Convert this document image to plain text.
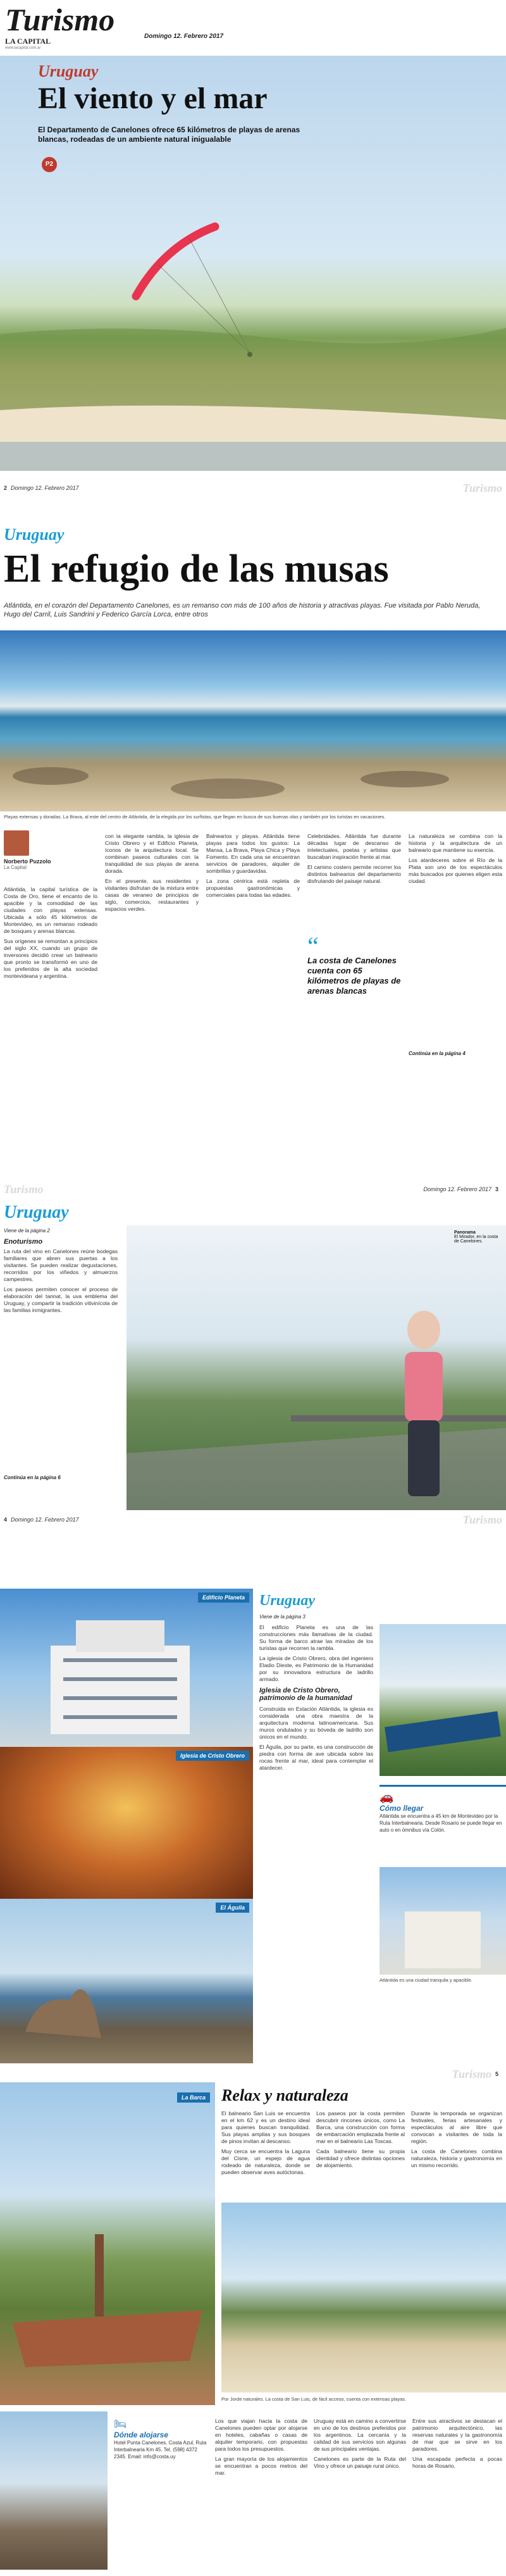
Turismo
LA CAPITAL
www.lacapital.com.ar
Domingo 12. Febrero 2017
Uruguay
El viento y el mar
El Departamento de Canelones ofrece 65 kilómetros de playas de arenas blancas, rodeadas de un ambiente natural inigualable
P2
2 Domingo 12. Febrero 2017	Turismo
Uruguay
El refugio de las musas
Atlántida, en el corazón del Departamento Canelones, es un remanso con más de 100 años de historia y atractivas playas. Fue visitada por Pablo Neruda, Hugo del Carril, Luis Sandrini y Federico García Lorca, entre otros
Playas extensas y doradas. La Brava, al este del centro de Atlántida, de la elegida por los surfistas, que llegan en busca de sus buenas olas y también por los turistas en vacaciones.
Norberto Puzzolo
La Capital

Atlántida, la capital turística de la Costa de Oro, tiene el encanto de lo apacible y la comodidad de las ciudades con playas extensas. Ubicada a sólo 45 kilómetros de Montevideo, es un remanso rodeado de bosques y arenas blancas.

Sus orígenes se remontan a principios del siglo XX, cuando un grupo de inversores decidió crear un balneario que pronto se transformó en uno de los preferidos de la alta sociedad montevideana y argentina.

con la elegante rambla, la iglesia de Cristo Obrero y el Edificio Planeta, íconos de la arquitectura local. Se combinan paseos culturales con la tranquilidad de sus playas de arena dorada.

En el presente, sus residentes y visitantes disfrutan de la mixtura entre casas de veraneo de principios de siglo, comercios, restaurantes y espacios verdes.

Balnearios y playas. Atlántida tiene playas para todos los gustos: La Mansa, La Brava, Playa Chica y Playa Fomento. En cada una se encuentran servicios de paradores, alquiler de sombrillas y guardavidas.

La zona céntrica está repleta de propuestas gastronómicas y comerciales para todas las edades.

Celebridades. Atlántida fue durante décadas lugar de descanso de intelectuales, poetas y artistas que buscaban inspiración frente al mar.

El camino costero permite recorrer los distintos balnearios del departamento disfrutando del paisaje natural.

“
La costa de Canelones cuenta con 65 kilómetros de playas de arenas blancas

La naturaleza se combina con la historia y la arquitectura de un balneario que mantiene su esencia.

Los atardeceres sobre el Río de la Plata son uno de los espectáculos más buscados por quienes eligen esta ciudad.

Continúa en la página 4
Turismo	Domingo 12. Febrero 2017 3
Uruguay
Viene de la página 2
Enoturismo

La ruta del vino en Canelones reúne bodegas familiares que abren sus puertas a los visitantes. Se pueden realizar degustaciones, recorridos por los viñedos y almuerzos campestres.

Los paseos permiten conocer el proceso de elaboración del tannat, la uva emblema del Uruguay, y compartir la tradición vitivinícola de las familias inmigrantes.

Continúa en la página 6
Panorama
El Mirador, en la costa de Canelones.
4 Domingo 12. Febrero 2017	Turismo
Edificio Planeta
Iglesia de Cristo Obrero
El Águila
Uruguay
Viene de la página 3

El edificio Planeta es una de las construcciones más llamativas de la ciudad. Su forma de barco atrae las miradas de los turistas que recorren la rambla.

La iglesia de Cristo Obrero, obra del ingeniero Eladio Dieste, es Patrimonio de la Humanidad por su innovadora estructura de ladrillo armado.

Iglesia de Cristo Obrero, patrimonio de la humanidad

Construida en Estación Atlántida, la iglesia es considerada una obra maestra de la arquitectura moderna latinoamericana. Sus muros ondulados y su bóveda de ladrillo son únicos en el mundo.

El Águila, por su parte, es una construcción de piedra con forma de ave ubicada sobre las rocas frente al mar, ideal para contemplar el atardecer.

🚗
Cómo llegar
Atlántida se encuentra a 45 km de Montevideo por la Ruta Interbalnearia. Desde Rosario se puede llegar en auto o en ómnibus vía Colón.
Atlántida es una ciudad tranquila y apacible.
Turismo 5
La Barca Relax y naturaleza

El balneario San Luis se encuentra en el km 62 y es un destino ideal para quienes buscan tranquilidad. Sus playas amplias y sus bosques de pinos invitan al descanso.

Muy cerca se encuentra la Laguna del Cisne, un espejo de agua rodeado de naturaleza, donde se pueden observar aves autóctonas.

Los paseos por la costa permiten descubrir rincones únicos, como La Barca, una construcción con forma de embarcación emplazada frente al mar en el balneario Las Toscas.

Cada balneario tiene su propia identidad y ofrece distintas opciones de alojamiento.

Durante la temporada se organizan festivales, ferias artesanales y espectáculos al aire libre que convocan a visitantes de toda la región.

La costa de Canelones combina naturaleza, historia y gastronomía en un mismo recorrido.

Por Jorde naturales. La costa de San Luis, de fácil acceso, cuenta con extensas playas.
🛏
Dónde alojarse
Hotel Punta Canelones. Costa Azul, Ruta Interbalnearia Km 45. Tel. (598) 4372 2345. Email: info@costa.uy

Los que viajan hacia la costa de Canelones pueden optar por alojarse en hoteles, cabañas o casas de alquiler temporario, con propuestas para todos los presupuestos.

La gran mayoría de los alojamientos se encuentran a pocos metros del mar.

Uruguay está en camino a convertirse en uno de los destinos preferidos por los argentinos. La cercanía y la calidad de sus servicios son algunas de sus principales ventajas.

Canelones es parte de la Ruta del Vino y ofrece un paisaje rural único.

Entre sus atractivos se destacan el patrimonio arquitectónico, las reservas naturales y la gastronomía de mar que se sirve en los paradores.

Una escapada perfecta a pocas horas de Rosario.
